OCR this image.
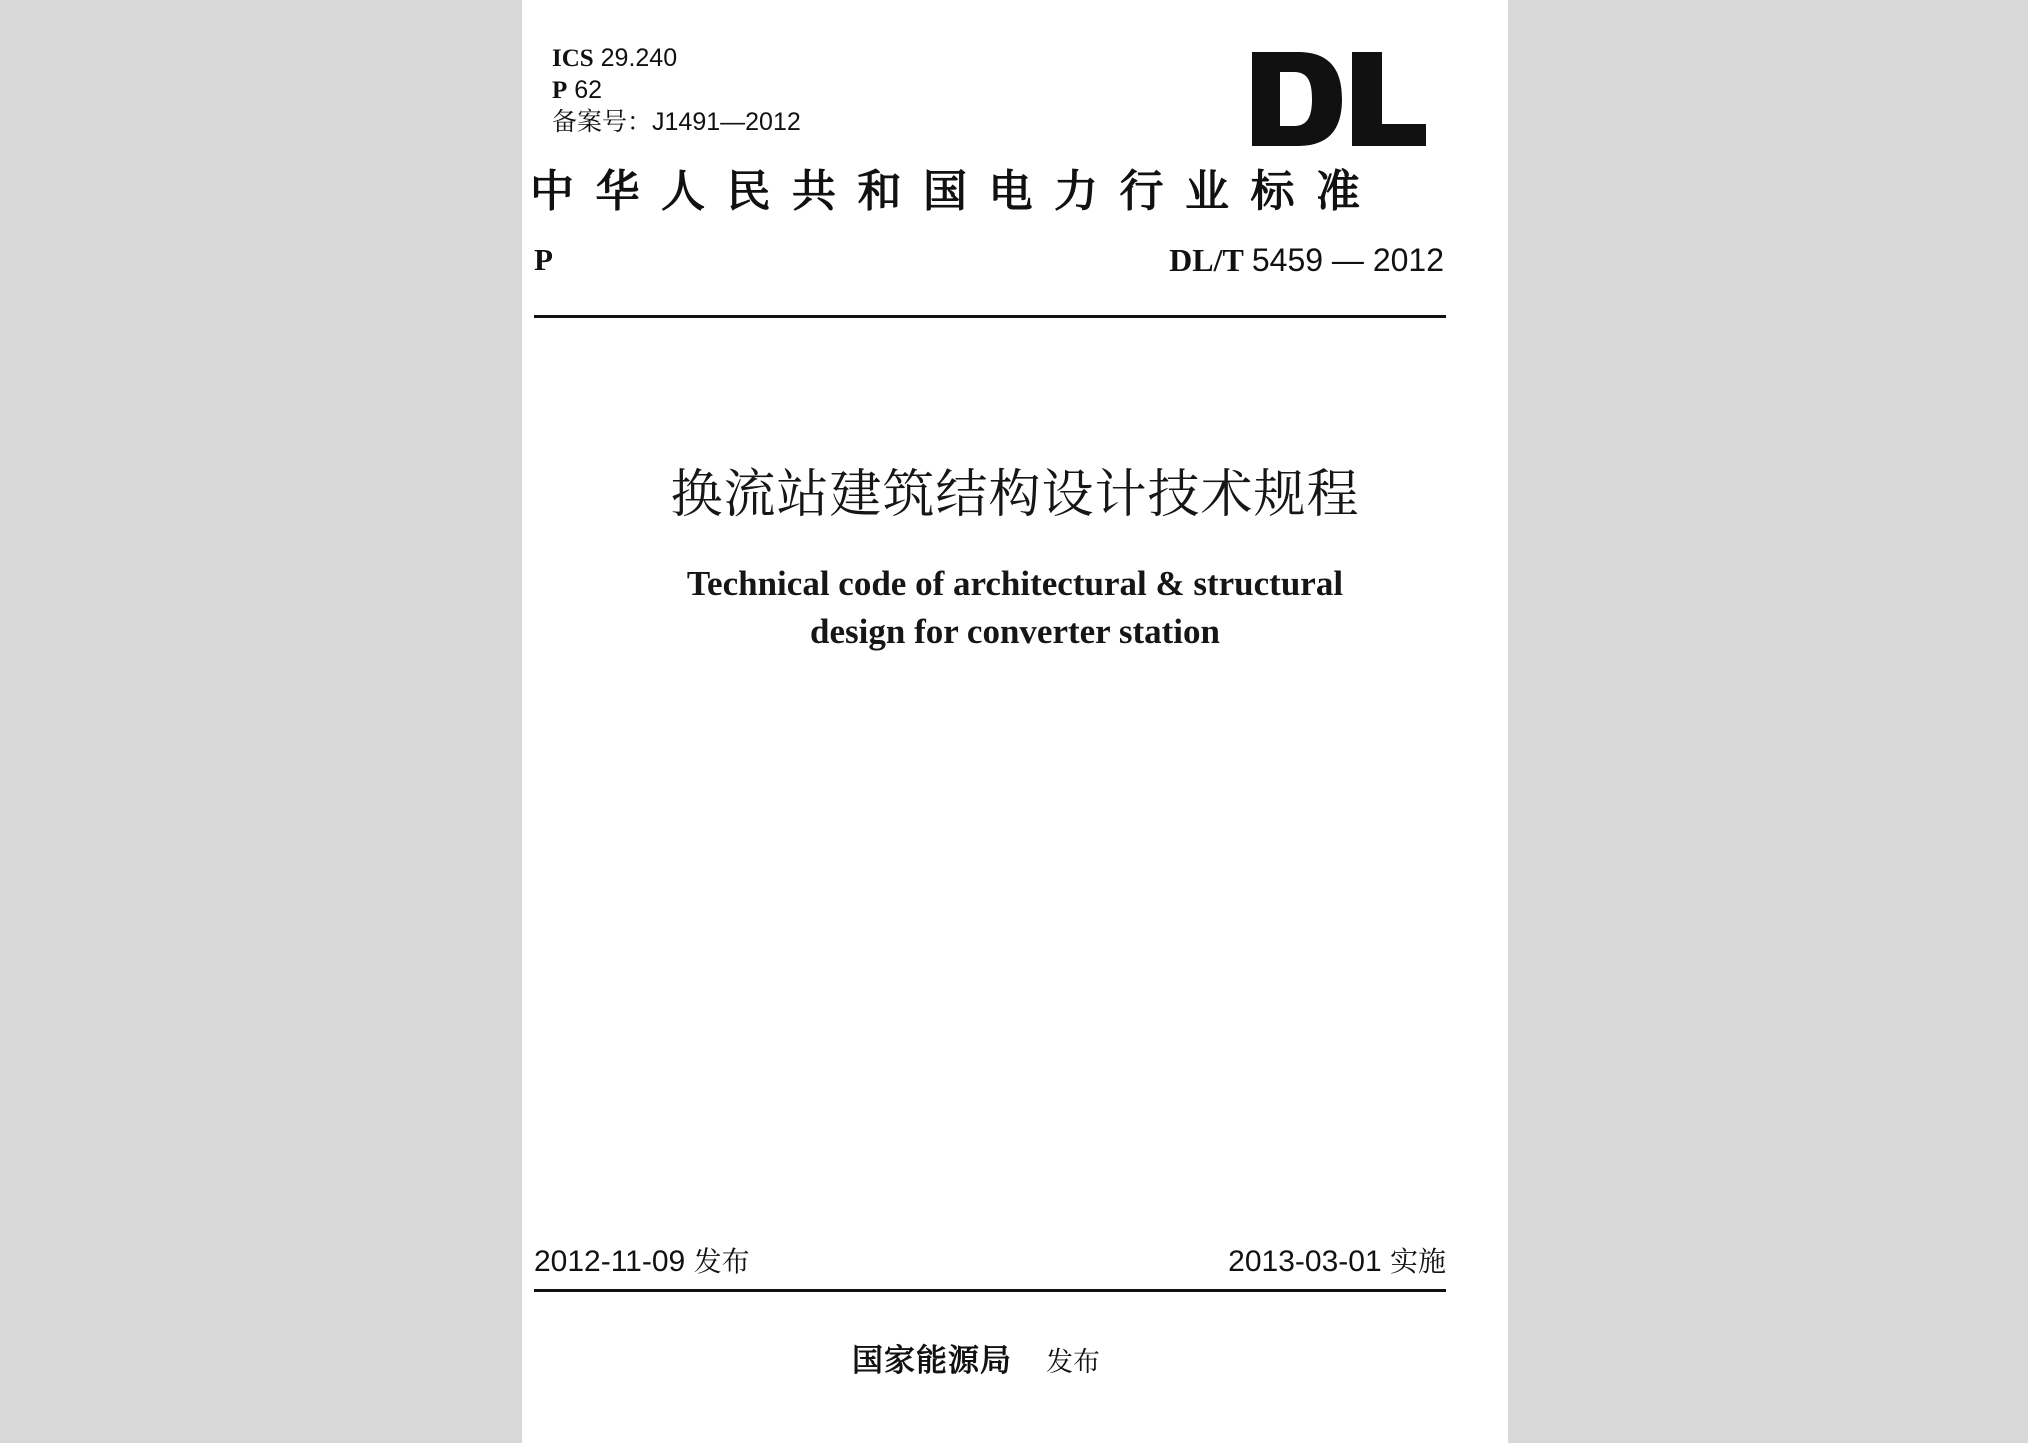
ICS 29.240
P 62
备案号：J1491—2012
中华人民共和国电力行业标准
P	DL/T 5459 — 2012
换流站建筑结构设计技术规程
Technical code of architectural & structural
design for converter station
2012-11-09 发布	2013-03-01 实施
国家能源局 发布
